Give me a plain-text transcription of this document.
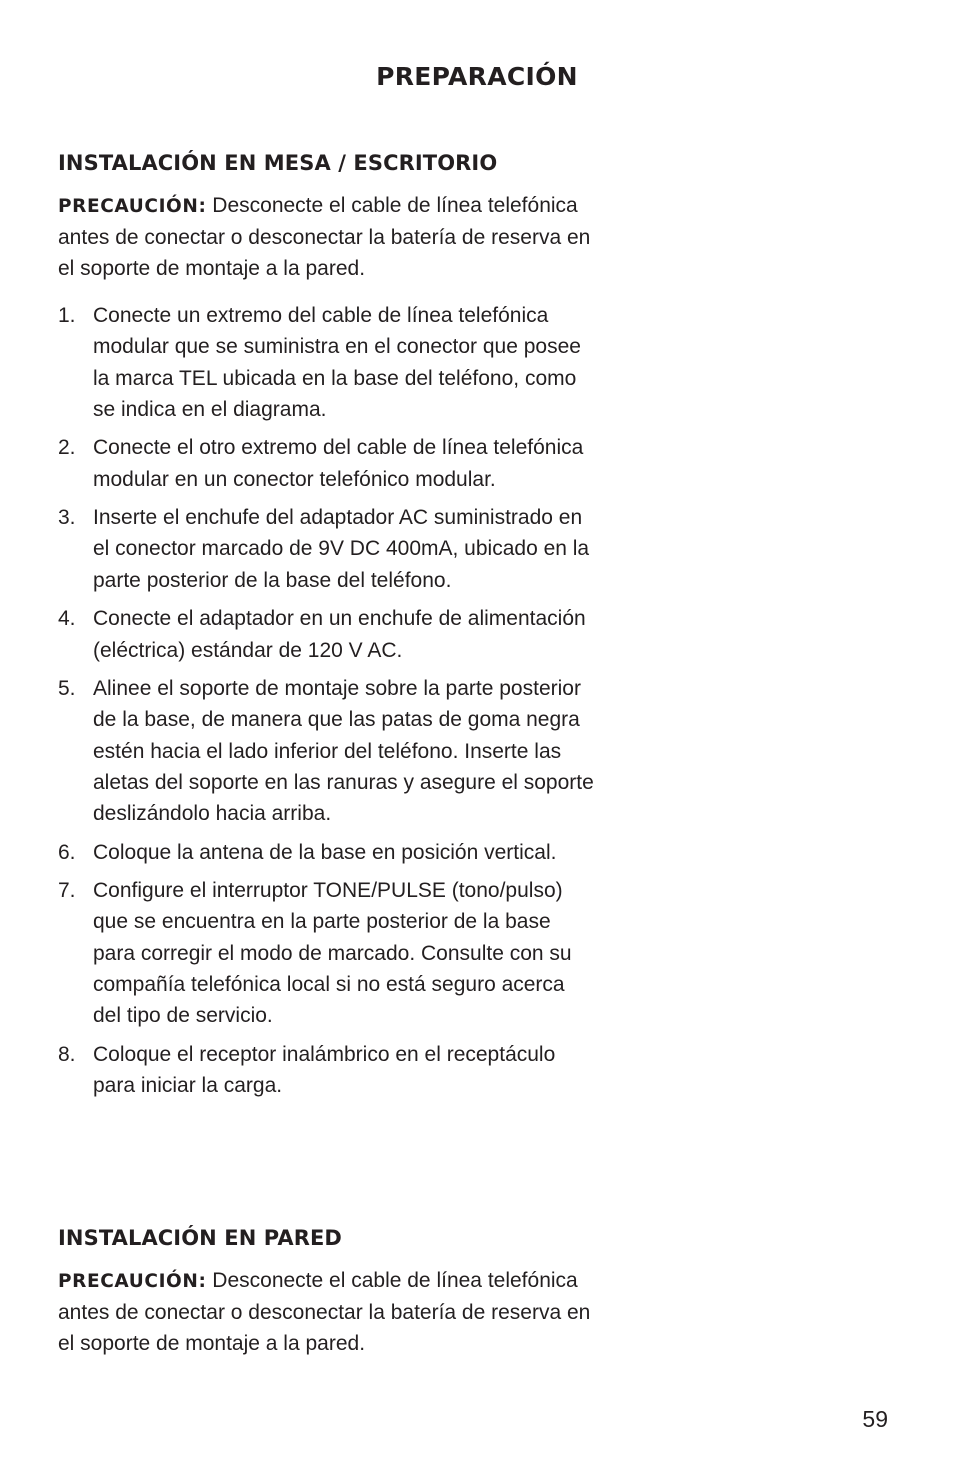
PREPARACIÓN
INSTALACIÓN EN MESA / ESCRITORIO

PRECAUCIÓN: Desconecte el cable de línea telefónica antes de conectar o desconectar la batería de reserva en el soporte de montaje a la pared.

1. Conecte un extremo del cable de línea telefónica modular que se suministra en el conector que posee la marca TEL ubicada en la base del teléfono, como se indica en el diagrama.
2. Conecte el otro extremo del cable de línea telefónica modular en un conector telefónico modular.
3. Inserte el enchufe del adaptador AC suministrado en el conector marcado de 9V DC 400mA, ubicado en la parte posterior de la base del teléfono.
4. Conecte el adaptador en un enchufe de alimentación (eléctrica) estándar de 120 V AC.
5. Alinee el soporte de montaje sobre la parte posterior de la base, de manera que las patas de goma negra estén hacia el lado inferior del teléfono. Inserte las aletas del soporte en las ranuras y asegure el soporte deslizándolo hacia arriba.
6. Coloque la antena de la base en posición vertical.
7. Configure el interruptor TONE/PULSE (tono/pulso) que se encuentra en la parte posterior de la base para corregir el modo de marcado. Consulte con su compañía telefónica local si no está seguro acerca del tipo de servicio.
8. Coloque el receptor inalámbrico en el receptáculo para iniciar la carga.
INSTALACIÓN EN PARED

PRECAUCIÓN: Desconecte el cable de línea telefónica antes de conectar o desconectar la batería de reserva en el soporte de montaje a la pared.

59
